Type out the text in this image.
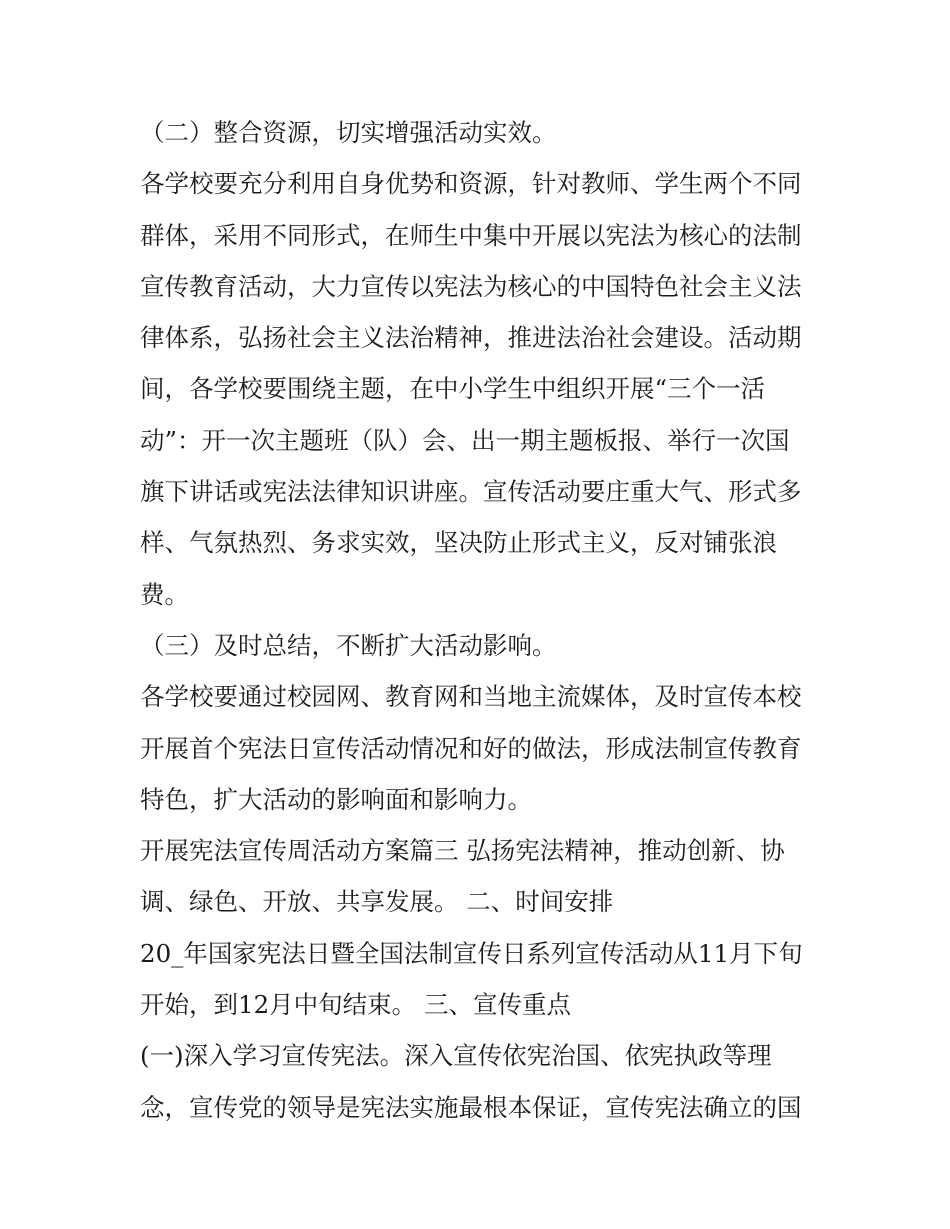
（二）整合资源，切实增强活动实效。

各学校要充分利用自身优势和资源，针对教师、学生两个不同

群体，采用不同形式，在师生中集中开展以宪法为核心的法制

宣传教育活动，大力宣传以宪法为核心的中国特色社会主义法

律体系，弘扬社会主义法治精神，推进法治社会建设。活动期

间，各学校要围绕主题，在中小学生中组织开展“三个一活

动”：开一次主题班（队）会、出一期主题板报、举行一次国

旗下讲话或宪法法律知识讲座。宣传活动要庄重大气、形式多

样、气氛热烈、务求实效，坚决防止形式主义，反对铺张浪

费。

（三）及时总结，不断扩大活动影响。

各学校要通过校园网、教育网和当地主流媒体，及时宣传本校

开展首个宪法日宣传活动情况和好的做法，形成法制宣传教育

特色，扩大活动的影响面和影响力。

开展宪法宣传周活动方案篇三 弘扬宪法精神，推动创新、协

调、绿色、开放、共享发展。 二、时间安排

20_年国家宪法日暨全国法制宣传日系列宣传活动从11月下旬

开始，到12月中旬结束。 三、宣传重点

(一)深入学习宣传宪法。深入宣传依宪治国、依宪执政等理

念，宣传党的领导是宪法实施最根本保证，宣传宪法确立的国
